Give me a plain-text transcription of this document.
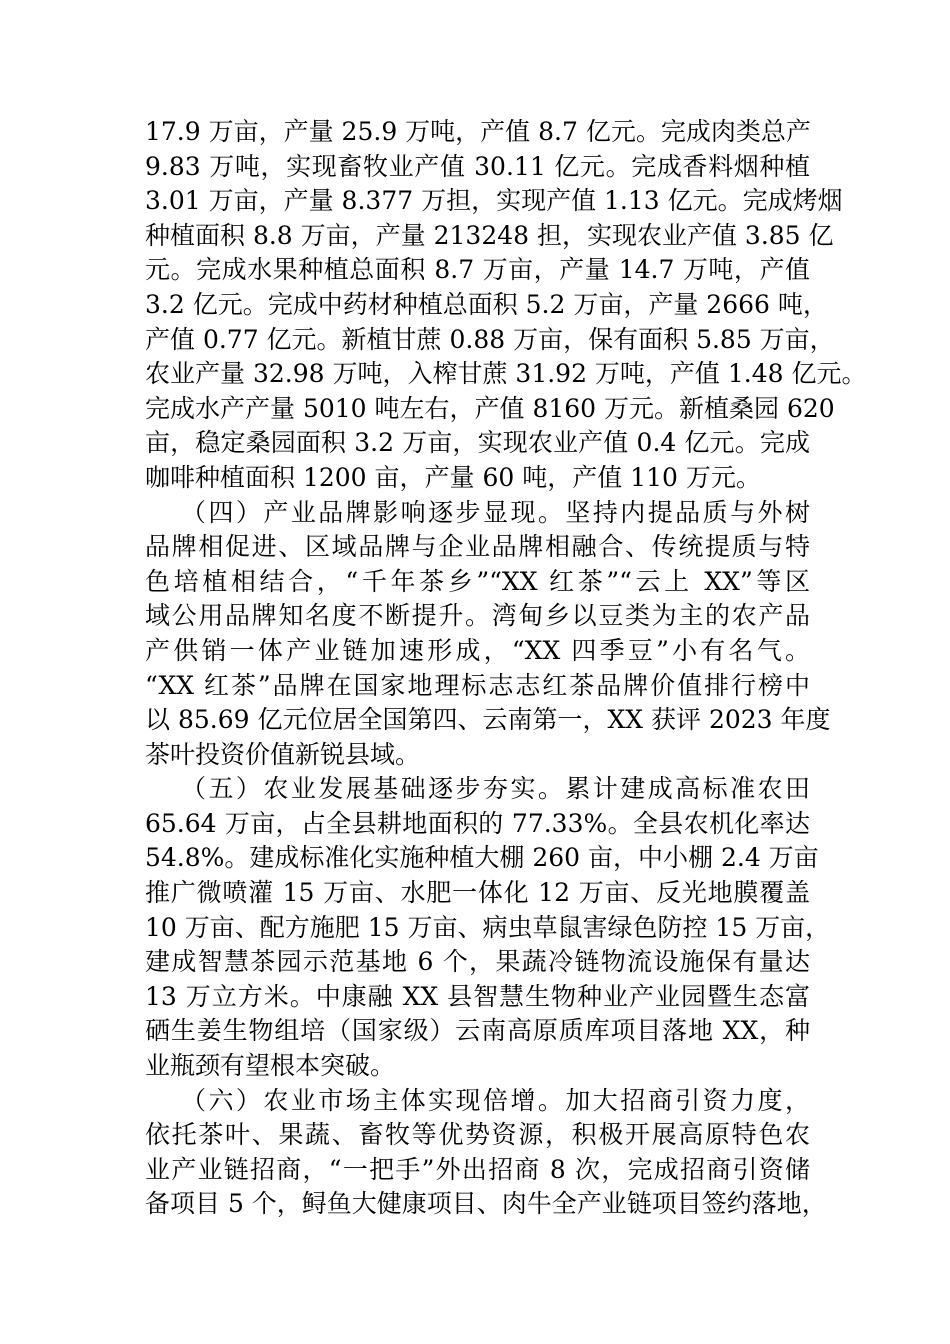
17.9 万亩，产量 25.9 万吨，产值 8.7 亿元。完成肉类总产
9.83 万吨，实现畜牧业产值 30.11 亿元。完成香料烟种植
3.01 万亩，产量 8.377 万担，实现产值 1.13 亿元。完成烤烟
种植面积 8.8 万亩，产量 213248 担，实现农业产值 3.85 亿
元。完成水果种植总面积 8.7 万亩，产量 14.7 万吨，产值
3.2 亿元。完成中药材种植总面积 5.2 万亩，产量 2666 吨，
产值 0.77 亿元。新植甘蔗 0.88 万亩，保有面积 5.85 万亩，
农业产量 32.98 万吨，入榨甘蔗 31.92 万吨，产值 1.48 亿元。
完成水产产量 5010 吨左右，产值 8160 万元。新植桑园 620
亩，稳定桑园面积 3.2 万亩，实现农业产值 0.4 亿元。完成
咖啡种植面积 1200 亩，产量 60 吨，产值 110 万元。
（四）产业品牌影响逐步显现。坚持内提品质与外树
品牌相促进、区域品牌与企业品牌相融合、传统提质与特
色培植相结合，“千年茶乡”“XX 红茶”“云上 XX”等区
域公用品牌知名度不断提升。湾甸乡以豆类为主的农产品
产供销一体产业链加速形成，“XX 四季豆”小有名气。
“XX 红茶”品牌在国家地理标志志红茶品牌价值排行榜中
以 85.69 亿元位居全国第四、云南第一，XX 获评 2023 年度
茶叶投资价值新锐县域。
（五）农业发展基础逐步夯实。累计建成高标准农田
65.64 万亩，占全县耕地面积的 77.33%。全县农机化率达
54.8%。建成标准化实施种植大棚 260 亩，中小棚 2.4 万亩
推广微喷灌 15 万亩、水肥一体化 12 万亩、反光地膜覆盖
10 万亩、配方施肥 15 万亩、病虫草鼠害绿色防控 15 万亩，
建成智慧茶园示范基地 6 个，果蔬冷链物流设施保有量达
13 万立方米。中康融 XX 县智慧生物种业产业园暨生态富
硒生姜生物组培（国家级）云南高原质库项目落地 XX，种
业瓶颈有望根本突破。
（六）农业市场主体实现倍增。加大招商引资力度，
依托茶叶、果蔬、畜牧等优势资源，积极开展高原特色农
业产业链招商，“一把手”外出招商 8 次，完成招商引资储
备项目 5 个，鲟鱼大健康项目、肉牛全产业链项目签约落地，
